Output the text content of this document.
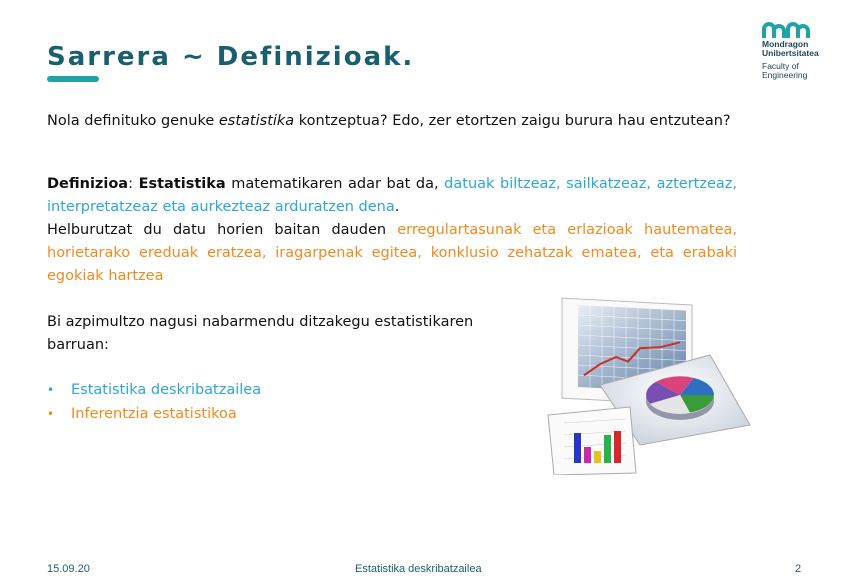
Sarrera ~ Definizioak.	Mondragon
Unibertsitatea
Faculty of
Engineering
Nola definituko genuke estatistika kontzeptua? Edo, zer etortzen zaigu burura hau entzutean?
Definizioa: Estatistika matematikaren adar bat da, datuak biltzeaz, sailkatzeaz, aztertzeaz, interpretatzeaz eta aurkezteaz arduratzen dena.
Helburutzat du datu horien baitan dauden erregulartasunak eta erlazioak hautematea, horietarako ereduak eratzea, iragarpenak egitea, konklusio zehatzak ematea, eta erabaki egokiak hartzea
Bi azpimultzo nagusi nabarmendu ditzakegu estatistikaren barruan:
•	Estatistika deskribatzailea
•	Inferentzia estatistikoa
15.09.20	Estatistika deskribatzailea	2
